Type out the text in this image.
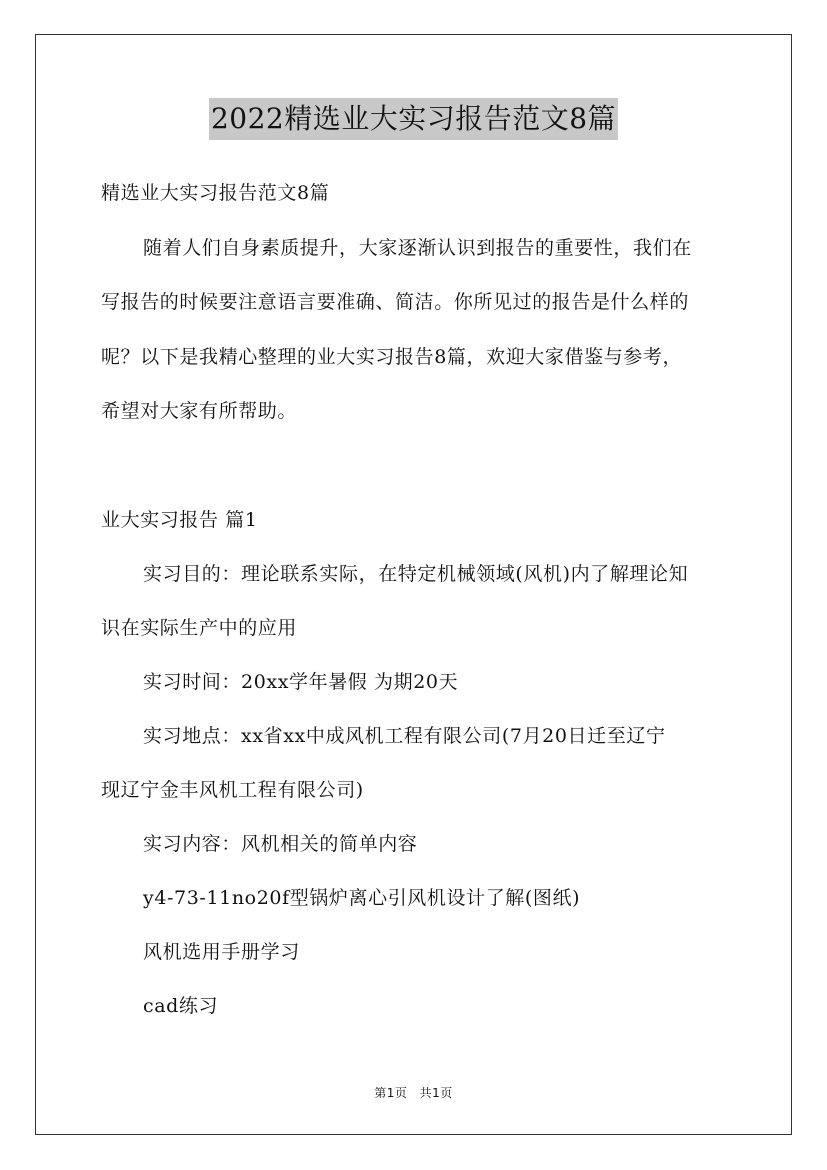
2022精选业大实习报告范文8篇
精选业大实习报告范文8篇
随着人们自身素质提升，大家逐渐认识到报告的重要性，我们在
写报告的时候要注意语言要准确、简洁。你所见过的报告是什么样的
呢？以下是我精心整理的业大实习报告8篇，欢迎大家借鉴与参考，
希望对大家有所帮助。
业大实习报告 篇1
实习目的：理论联系实际，在特定机械领域(风机)内了解理论知
识在实际生产中的应用
实习时间：20xx学年暑假 为期20天
实习地点：xx省xx中成风机工程有限公司(7月20日迁至辽宁
现辽宁金丰风机工程有限公司)
实习内容：风机相关的简单内容
y4-73-11no20f型锅炉离心引风机设计了解(图纸)
风机选用手册学习
cad练习
第1页 共1页
